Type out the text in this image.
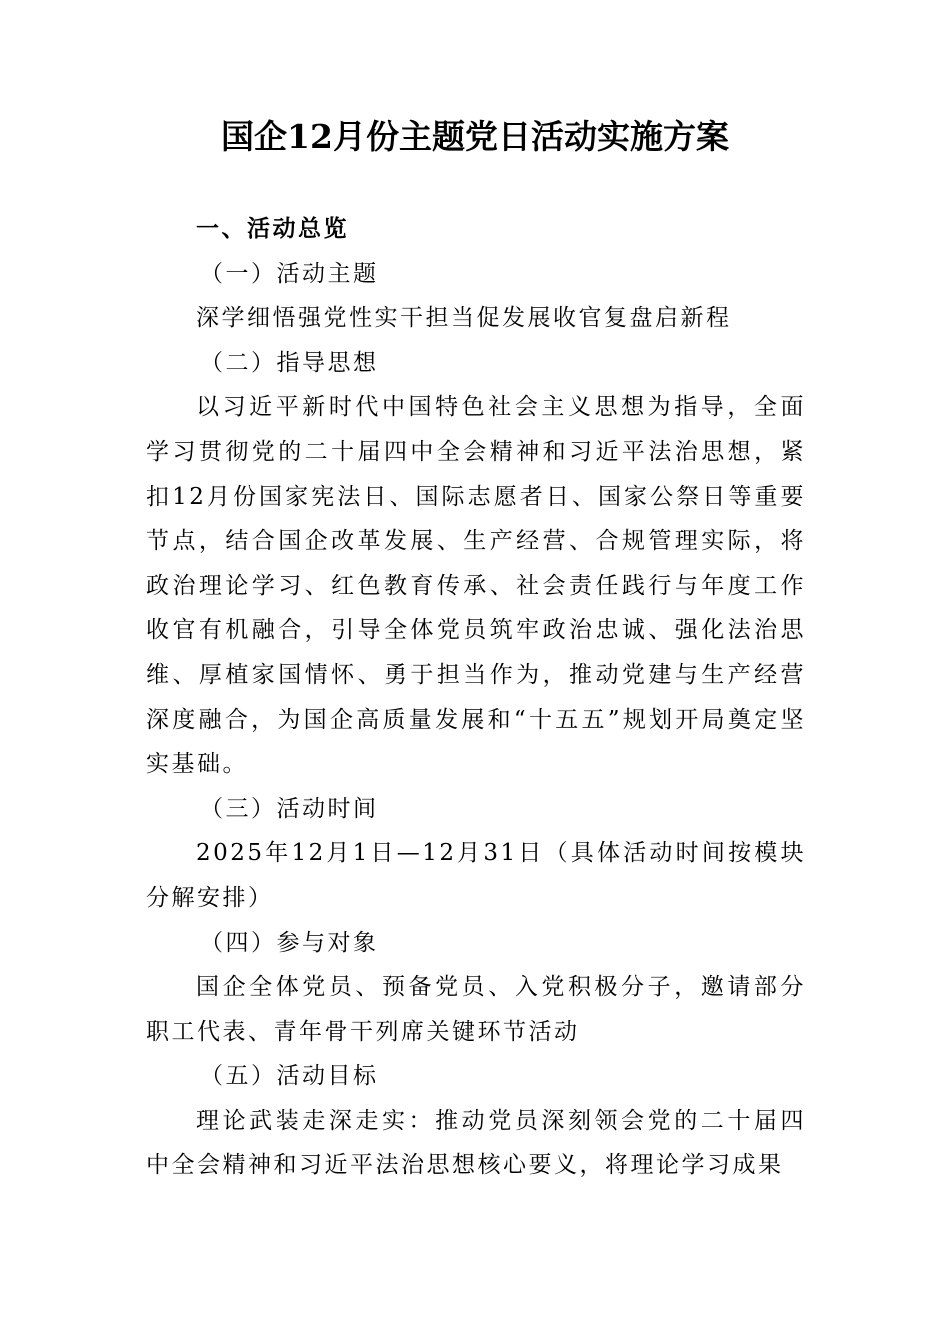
国企12月份主题党日活动实施方案

一、活动总览

（一）活动主题

深学细悟强党性实干担当促发展收官复盘启新程

（二）指导思想

以习近平新时代中国特色社会主义思想为指导，全面学习贯彻党的二十届四中全会精神和习近平法治思想，紧扣12月份国家宪法日、国际志愿者日、国家公祭日等重要节点，结合国企改革发展、生产经营、合规管理实际，将政治理论学习、红色教育传承、社会责任践行与年度工作收官有机融合，引导全体党员筑牢政治忠诚、强化法治思维、厚植家国情怀、勇于担当作为，推动党建与生产经营深度融合，为国企高质量发展和“十五五”规划开局奠定坚实基础。

（三）活动时间

2025年12月1日—12月31日（具体活动时间按模块分解安排）

（四）参与对象

国企全体党员、预备党员、入党积极分子，邀请部分职工代表、青年骨干列席关键环节活动

（五）活动目标

理论武装走深走实：推动党员深刻领会党的二十届四中全会精神和习近平法治思想核心要义，将理论学习成果
